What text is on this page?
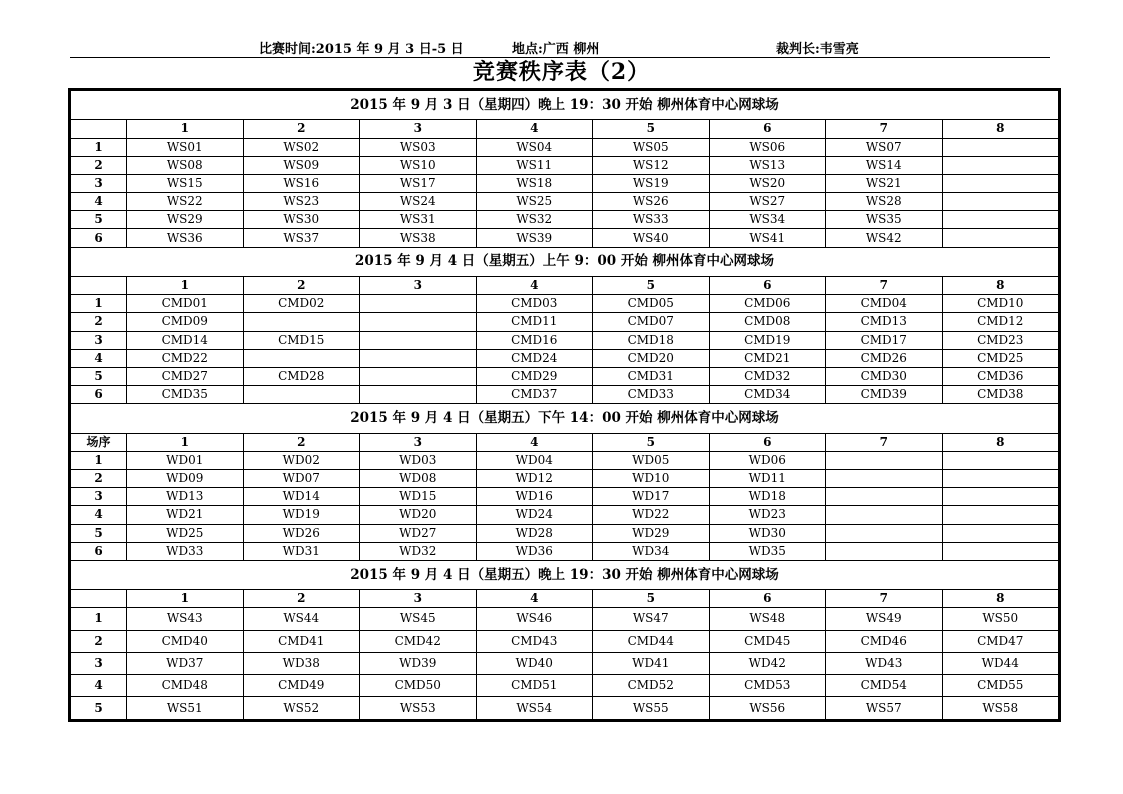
比赛时间:2015 年 9 月 3 日-5 日	地点:广西 柳州	裁判长:韦雪亮
竞赛秩序表（2）
2015 年 9 月 3 日（星期四）晚上 19：30 开始 柳州体育中心网球场								
	1	2	3	4	5	6	7	8
1	WS01	WS02	WS03	WS04	WS05	WS06	WS07	
2	WS08	WS09	WS10	WS11	WS12	WS13	WS14	
3	WS15	WS16	WS17	WS18	WS19	WS20	WS21	
4	WS22	WS23	WS24	WS25	WS26	WS27	WS28	
5	WS29	WS30	WS31	WS32	WS33	WS34	WS35	
6	WS36	WS37	WS38	WS39	WS40	WS41	WS42	
2015 年 9 月 4 日（星期五）上午 9：00 开始 柳州体育中心网球场								
	1	2	3	4	5	6	7	8
1	CMD01	CMD02		CMD03	CMD05	CMD06	CMD04	CMD10
2	CMD09			CMD11	CMD07	CMD08	CMD13	CMD12
3	CMD14	CMD15		CMD16	CMD18	CMD19	CMD17	CMD23
4	CMD22			CMD24	CMD20	CMD21	CMD26	CMD25
5	CMD27	CMD28		CMD29	CMD31	CMD32	CMD30	CMD36
6	CMD35			CMD37	CMD33	CMD34	CMD39	CMD38
2015 年 9 月 4 日（星期五）下午 14：00 开始 柳州体育中心网球场								
场序	1	2	3	4	5	6	7	8
1	WD01	WD02	WD03	WD04	WD05	WD06		
2	WD09	WD07	WD08	WD12	WD10	WD11		
3	WD13	WD14	WD15	WD16	WD17	WD18		
4	WD21	WD19	WD20	WD24	WD22	WD23		
5	WD25	WD26	WD27	WD28	WD29	WD30		
6	WD33	WD31	WD32	WD36	WD34	WD35		
2015 年 9 月 4 日（星期五）晚上 19：30 开始 柳州体育中心网球场								
	1	2	3	4	5	6	7	8
1	WS43	WS44	WS45	WS46	WS47	WS48	WS49	WS50
2	CMD40	CMD41	CMD42	CMD43	CMD44	CMD45	CMD46	CMD47
3	WD37	WD38	WD39	WD40	WD41	WD42	WD43	WD44
4	CMD48	CMD49	CMD50	CMD51	CMD52	CMD53	CMD54	CMD55
5	WS51	WS52	WS53	WS54	WS55	WS56	WS57	WS58
